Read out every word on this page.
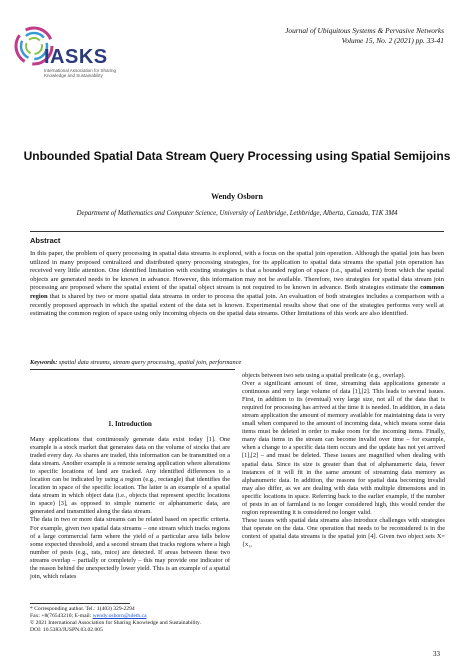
IASKS
International Association for Sharing Knowledge and Sustainability
Journal of Ubiquitous Systems & Pervasive Networks
Volume 15, No. 2 (2021) pp. 33-41
Unbounded Spatial Data Stream Query Processing using Spatial Semijoins
Wendy Osborn
Department of Mathematics and Computer Science, University of Lethbridge, Lethbridge, Alberta, Canada, T1K 3M4
Abstract
In this paper, the problem of query processing in spatial data streams is explored, with a focus on the spatial join operation. Although the spatial join has been utilized in many proposed centralized and distributed query processing strategies, for its application to spatial data streams the spatial join operation has received very little attention. One identified limitation with existing strategies is that a bounded region of space (i.e., spatial extent) from which the spatial objects are generated needs to be known in advance. However, this information may not be available. Therefore, two strategies for spatial data stream join processing are proposed where the spatial extent of the spatial object stream is not required to be known in advance. Both strategies estimate the common region that is shared by two or more spatial data streams in order to process the spatial join. An evaluation of both strategies includes a comparison with a recently proposed approach in which the spatial extent of the data set is known. Experimental results show that one of the strategies performs very well at estimating the common region of space using only incoming objects on the spatial data streams. Other limitations of this work are also identified.
Keywords: spatial data streams, stream query processing, spatial join, performance
1. Introduction
Many applications that continuously generate data exist today [1]. One example is a stock market that generates data on the volume of stocks that are traded every day. As shares are traded, this information can be transmitted on a data stream. Another example is a remote sensing application where alterations to specific locations of land are tracked. Any identified differences to a location can be indicated by using a region (e.g., rectangle) that identifies the location in space of the specific location. The latter is an example of a spatial data stream in which object data (i.e., objects that represent specific locations in space) [3], as opposed to simple numeric or alphanumeric data, are generated and transmitted along the data stream.
The data in two or more data streams can be related based on specific criteria. For example, given two spatial data streams – one stream which tracks regions of a large commercial farm where the yield of a particular area falls below some expected threshold, and a second stream that tracks regions where a high number of pests (e.g., rats, mice) are detected. If areas between these two streams overlap – partially or completely – this may provide one indicator of the reason behind the unexpectedly lower yield. This is an example of a spatial join, which relates
objects between two sets using a spatial predicate (e.g., overlap).
Over a significant amount of time, streaming data applications generate a continuous and very large volume of data [1],[2]. This leads to several issues. First, in addition to its (eventual) very large size, not all of the data that is required for processing has arrived at the time it is needed. In addition, in a data stream application the amount of memory available for maintaining data is very small when compared to the amount of incoming data, which means some data items must be deleted in order to make room for the incoming items. Finally, many data items in the stream can become invalid over time – for example, when a change to a specific data item occurs and the update has not yet arrived [1],[2] – and must be deleted. These issues are magnified when dealing with spatial data. Since its size is greater than that of alphanumeric data, fewer instances of it will fit in the same amount of streaming data memory as alphanumeric data. In addition, the reasons for spatial data becoming invalid may also differ, as we are dealing with data with multiple dimensions and in specific locations in space. Referring back to the earlier example, if the number of pests in an of farmland is no longer considered high, this would render the region representing it is considered no longer valid.
These issues with spatial data streams also introduce challenges with strategies that operate on the data. One operation that needs to be reconsidered is in the context of spatial data streams is the spatial join [4]. Given two object sets X={x₁,
* Corresponding author. Tel.: 1(403) 329-2294
Fax: +8(76543210; E-mail: wendy.osborn@uleth.ca
© 2021 International Association for Sharing Knowledge and Sustainability.
DOI: 10.5383/JUSPN.03.02.005
33
